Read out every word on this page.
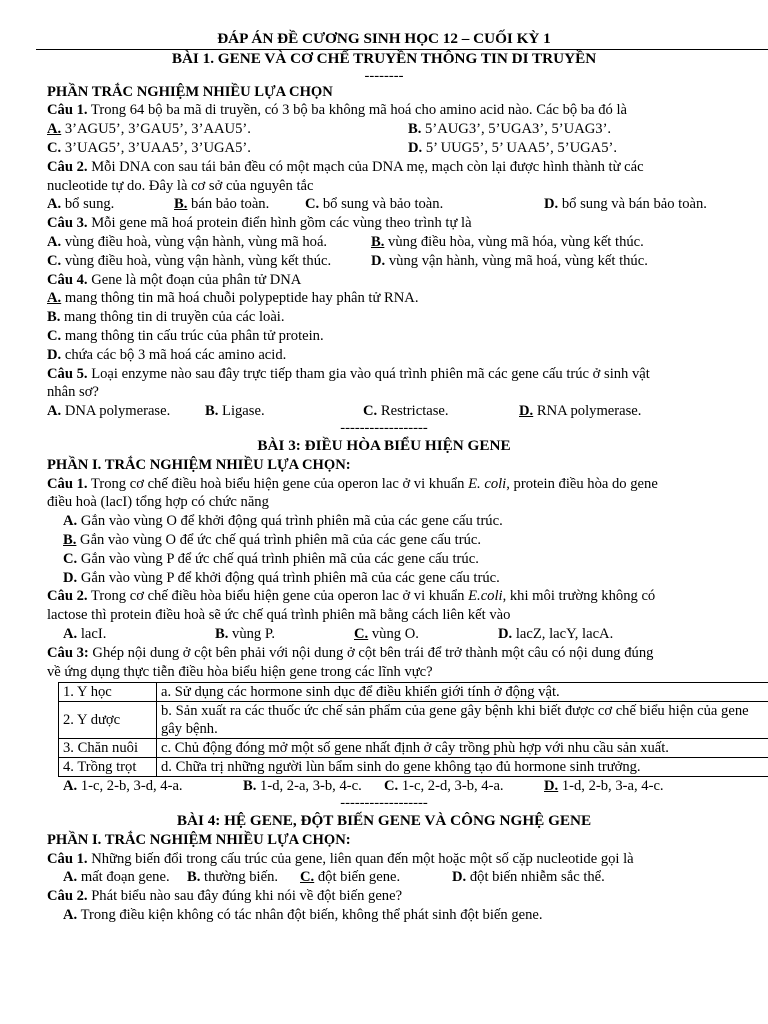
ĐÁP ÁN ĐỀ CƯƠNG SINH HỌC 12 – CUỐI KỲ 1
BÀI 1. GENE VÀ CƠ CHẾ TRUYỀN THÔNG TIN DI TRUYỀN
--------
PHẦN TRẮC NGHIỆM NHIỀU LỰA CHỌN
Câu 1. Trong 64 bộ ba mã di truyền, có 3 bộ ba không mã hoá cho amino acid nào. Các bộ ba đó là
A. 3’AGU5’, 3’GAU5’, 3’AAU5’.	B. 5’AUG3’, 5’UGA3’, 5’UAG3’.
C. 3’UAG5’, 3’UAA5’, 3’UGA5’.	D. 5’ UUG5’, 5’ UAA5’, 5’UGA5’.
Câu 2. Mỗi DNA con sau tái bản đều có một mạch của DNA mẹ, mạch còn lại được hình thành từ các
nucleotide tự do. Đây là cơ sở của nguyên tắc
A. bổ sung.	B. bán bảo toàn. C. bổ sung và bảo toàn.	D. bổ sung và bán bảo toàn.
Câu 3. Mỗi gene mã hoá protein điển hình gồm các vùng theo trình tự là
A. vùng điều hoà, vùng vận hành, vùng mã hoá.	B. vùng điều hòa, vùng mã hóa, vùng kết thúc.
C. vùng điều hoà, vùng vận hành, vùng kết thúc.	D. vùng vận hành, vùng mã hoá, vùng kết thúc.
Câu 4. Gene là một đoạn của phân tử DNA
A. mang thông tin mã hoá chuỗi polypeptide hay phân tử RNA.
B. mang thông tin di truyền của các loài.
C. mang thông tin cấu trúc của phân tử protein.
D. chứa các bộ 3 mã hoá các amino acid.
Câu 5. Loại enzyme nào sau đây trực tiếp tham gia vào quá trình phiên mã các gene cấu trúc ở sinh vật
nhân sơ?
A. DNA polymerase. B. Ligase.	C. Restrictase.	D. RNA polymerase.
------------------
BÀI 3: ĐIỀU HÒA BIỂU HIỆN GENE
PHẦN I. TRẮC NGHIỆM NHIỀU LỰA CHỌN:
Câu 1. Trong cơ chế điều hoà biểu hiện gene của operon lac ở vi khuẩn E. coli, protein điều hòa do gene
điều hoà (lacI) tổng hợp có chức năng
A. Gắn vào vùng O để khởi động quá trình phiên mã của các gene cấu trúc.
B. Gắn vào vùng O để ức chế quá trình phiên mã của các gene cấu trúc.
C. Gắn vào vùng P để ức chế quá trình phiên mã của các gene cấu trúc.
D. Gắn vào vùng P để khởi động quá trình phiên mã của các gene cấu trúc.
Câu 2. Trong cơ chế điều hòa biểu hiện gene của operon lac ở vi khuẩn E.coli, khi môi trường không có
lactose thì protein điều hoà sẽ ức chế quá trình phiên mã bằng cách liên kết vào
A. lacI.	B. vùng P.	C. vùng O.	D. lacZ, lacY, lacA.
Câu 3: Ghép nội dung ở cột bên phải với nội dung ở cột bên trái để trở thành một câu có nội dung đúng
về ứng dụng thực tiễn điều hòa biểu hiện gene trong các lĩnh vực?
1. Y học	a. Sử dụng các hormone sinh dục để điều khiển giới tính ở động vật.
2. Y dược	b. Sản xuất ra các thuốc ức chế sản phẩm của gene gây bệnh khi biết được cơ chế biểu hiện của gene gây bệnh.
3. Chăn nuôi	c. Chủ động đóng mở một số gene nhất định ở cây trồng phù hợp với nhu cầu sản xuất.
4. Trồng trọt	d. Chữa trị những người lùn bẩm sinh do gene không tạo đủ hormone sinh trưởng.
A. 1-c, 2-b, 3-d, 4-a.	B. 1-d, 2-a, 3-b, 4-c. C. 1-c, 2-d, 3-b, 4-a.	D. 1-d, 2-b, 3-a, 4-c.
------------------
BÀI 4: HỆ GENE, ĐỘT BIẾN GENE VÀ CÔNG NGHỆ GENE
PHẦN I. TRẮC NGHIỆM NHIỀU LỰA CHỌN:
Câu 1. Những biến đổi trong cấu trúc của gene, liên quan đến một hoặc một số cặp nucleotide gọi là
A. mất đoạn gene. B. thường biến. C. đột biến gene.	D. đột biến nhiễm sắc thể.
Câu 2. Phát biểu nào sau đây đúng khi nói về đột biến gene?
A. Trong điều kiện không có tác nhân đột biến, không thể phát sinh đột biến gene.
